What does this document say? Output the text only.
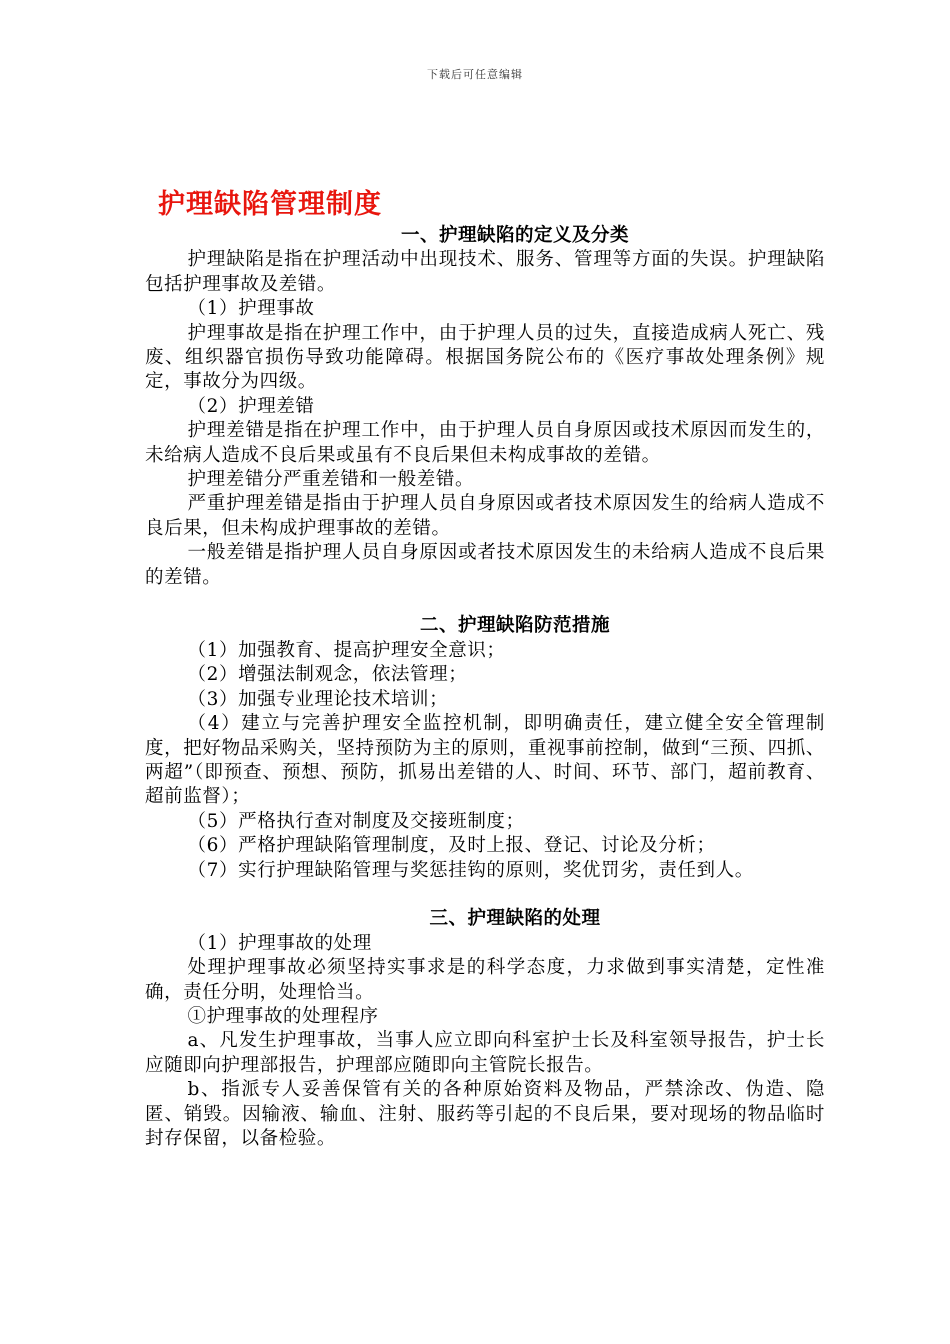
下载后可任意编辑
护理缺陷管理制度
一、护理缺陷的定义及分类

护理缺陷是指在护理活动中出现技术、服务、管理等方面的失误。护理缺陷包括护理事故及差错。

（1）护理事故

护理事故是指在护理工作中，由于护理人员的过失，直接造成病人死亡、残废、组织器官损伤导致功能障碍。根据国务院公布的《医疗事故处理条例》规定，事故分为四级。

（2）护理差错

护理差错是指在护理工作中，由于护理人员自身原因或技术原因而发生的，未给病人造成不良后果或虽有不良后果但未构成事故的差错。

护理差错分严重差错和一般差错。

严重护理差错是指由于护理人员自身原因或者技术原因发生的给病人造成不良后果，但未构成护理事故的差错。

一般差错是指护理人员自身原因或者技术原因发生的未给病人造成不良后果的差错。

二、护理缺陷防范措施

（1）加强教育、提高护理安全意识；

（2）增强法制观念，依法管理；

（3）加强专业理论技术培训；

（4）建立与完善护理安全监控机制，即明确责任，建立健全安全管理制度，把好物品采购关，坚持预防为主的原则，重视事前控制，做到“三预、四抓、两超”（即预查、预想、预防，抓易出差错的人、时间、环节、部门，超前教育、超前监督）；

（5）严格执行查对制度及交接班制度；

（6）严格护理缺陷管理制度，及时上报、登记、讨论及分析；

（7）实行护理缺陷管理与奖惩挂钩的原则，奖优罚劣，责任到人。

三、护理缺陷的处理

（1）护理事故的处理

处理护理事故必须坚持实事求是的科学态度，力求做到事实清楚，定性准确，责任分明，处理恰当。

①护理事故的处理程序

a、凡发生护理事故，当事人应立即向科室护士长及科室领导报告，护士长应随即向护理部报告，护理部应随即向主管院长报告。

b、指派专人妥善保管有关的各种原始资料及物品，严禁涂改、伪造、隐匿、销毁。因输液、输血、注射、服药等引起的不良后果，要对现场的物品临时封存保留，以备检验。
